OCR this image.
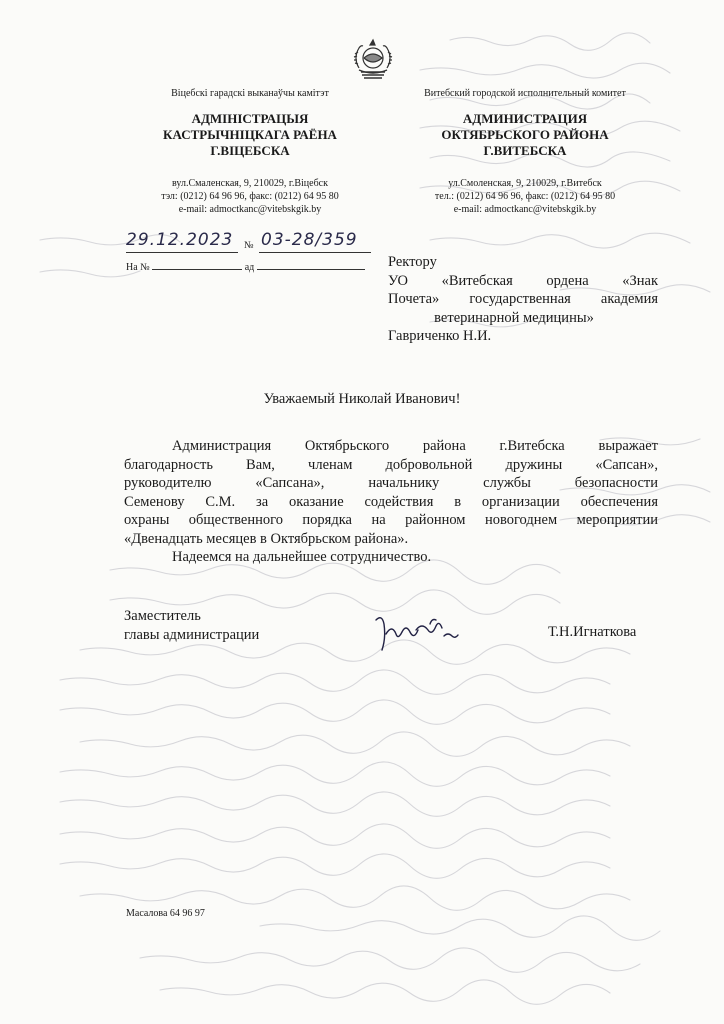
Віцебскі гарадскі выканаўчы камітэт
АДМІНІСТРАЦЫЯ
КАСТРЫЧНІЦКАГА РАЁНА
Г.ВІЦЕБСКА
вул.Смаленская, 9, 210029, г.Віцебск
тэл: (0212) 64 96 96, факс: (0212) 64 95 80
e-mail: admoctkanc@vitebskgik.by
Витебский городской исполнительный комитет
АДМИНИСТРАЦИЯ
ОКТЯБРЬСКОГО РАЙОНА
Г.ВИТЕБСКА
ул.Смоленская, 9, 210029, г.Витебск
тел.: (0212) 64 96 96, факс: (0212) 64 95 80
e-mail: admoctkanc@vitebskgik.by
29.12.2023 № 03-28/359
На №	ад	Ректору
УО «Витебская ордена «Знак
Почета» государственная академия
ветеринарной медицины»
Гавриченко Н.И.
Уважаемый Николай Иванович!

Администрация Октябрьского района г.Витебска выражает

благодарность Вам, членам добровольной дружины «Сапсан»,

руководителю «Сапсана», начальнику службы безопасности

Семенову С.М. за оказание содействия в организации обеспечения

охраны общественного порядка на районном новогоднем мероприятии

«Двенадцать месяцев в Октябрьском района».

Надеемся на дальнейшее сотрудничество.

Заместитель
главы администрации	Т.Н.Игнаткова
Масалова 64 96 97
